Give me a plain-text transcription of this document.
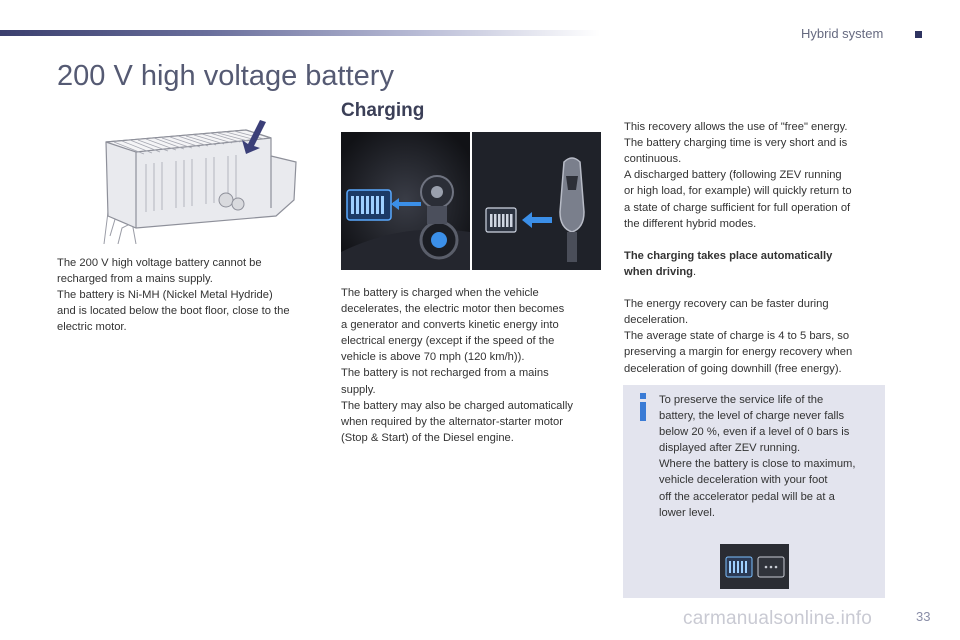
Hybrid system
200 V high voltage battery

The 200 V high voltage battery cannot be
recharged from a mains supply.
The battery is Ni-MH (Nickel Metal Hydride)
and is located below the boot floor, close to the
electric motor.

Charging

The battery is charged when the vehicle
decelerates, the electric motor then becomes
a generator and converts kinetic energy into
electrical energy (except if the speed of the
vehicle is above 70 mph (120 km/h)).
The battery is not recharged from a mains
supply.
The battery may also be charged automatically
when required by the alternator-starter motor
(Stop & Start) of the Diesel engine.

This recovery allows the use of "free" energy.
The battery charging time is very short and is
continuous.
A discharged battery (following ZEV running
or high load, for example) will quickly return to
a state of charge sufficient for full operation of
the different hybrid modes.

The charging takes place automatically
when driving.

The energy recovery can be faster during
deceleration.
The average state of charge is 4 to 5 bars, so
preserving a margin for energy recovery when
deceleration of going downhill (free energy).

To preserve the service life of the
battery, the level of charge never falls
below 20 %, even if a level of 0 bars is
displayed after ZEV running.
Where the battery is close to maximum,
vehicle deceleration with your foot
off the accelerator pedal will be at a
lower level.

carmanualsonline.info	33
